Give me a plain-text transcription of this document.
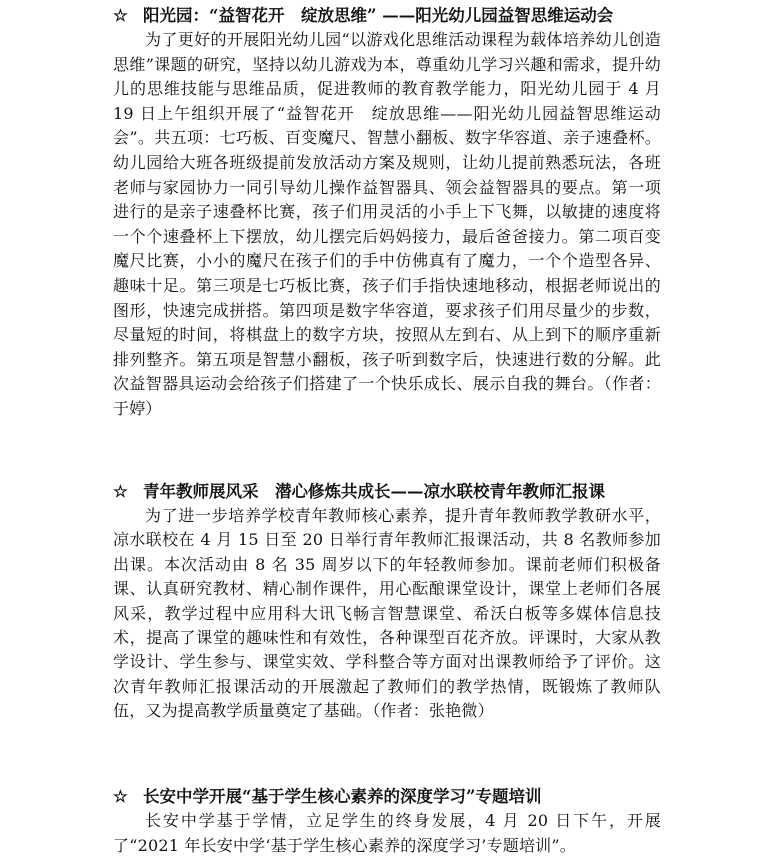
☆ 阳光园：“益智花开　绽放思维” ——阳光幼儿园益智思维运动会

为了更好的开展阳光幼儿园“以游戏化思维活动课程为载体培养幼儿创造思维”课题的研究，坚持以幼儿游戏为本，尊重幼儿学习兴趣和需求，提升幼儿的思维技能与思维品质，促进教师的教育教学能力，阳光幼儿园于 4 月 19 日上午组织开展了“益智花开　绽放思维——阳光幼儿园益智思维运动会”。共五项：七巧板、百变魔尺、智慧小翻板、数字华容道、亲子速叠杯。幼儿园给大班各班级提前发放活动方案及规则，让幼儿提前熟悉玩法，各班老师与家园协力一同引导幼儿操作益智器具、领会益智器具的要点。第一项进行的是亲子速叠杯比赛，孩子们用灵活的小手上下飞舞，以敏捷的速度将一个个速叠杯上下摆放，幼儿摆完后妈妈接力，最后爸爸接力。第二项百变魔尺比赛，小小的魔尺在孩子们的手中仿佛真有了魔力，一个个造型各异、趣味十足。第三项是七巧板比赛，孩子们手指快速地移动，根据老师说出的图形，快速完成拼搭。第四项是数字华容道，要求孩子们用尽量少的步数，尽量短的时间，将棋盘上的数字方块，按照从左到右、从上到下的顺序重新排列整齐。第五项是智慧小翻板，孩子听到数字后，快速进行数的分解。此次益智器具运动会给孩子们搭建了一个快乐成长、展示自我的舞台。（作者：于婷）

☆ 青年教师展风采　潜心修炼共成长——凉水联校青年教师汇报课

为了进一步培养学校青年教师核心素养，提升青年教师教学教研水平，凉水联校在 4 月 15 日至 20 日举行青年教师汇报课活动，共 8 名教师参加出课。本次活动由 8 名 35 周岁以下的年轻教师参加。课前老师们积极备课、认真研究教材、精心制作课件，用心酝酿课堂设计，课堂上老师们各展风采，教学过程中应用科大讯飞畅言智慧课堂、希沃白板等多媒体信息技术，提高了课堂的趣味性和有效性，各种课型百花齐放。评课时，大家从教学设计、学生参与、课堂实效、学科整合等方面对出课教师给予了评价。这次青年教师汇报课活动的开展激起了教师们的教学热情，既锻炼了教师队伍，又为提高教学质量奠定了基础。（作者：张艳微）

☆ 长安中学开展“基于学生核心素养的深度学习”专题培训

长安中学基于学情，立足学生的终身发展，4 月 20 日下午，开展了“2021 年长安中学‘基于学生核心素养的深度学习’专题培训”。
